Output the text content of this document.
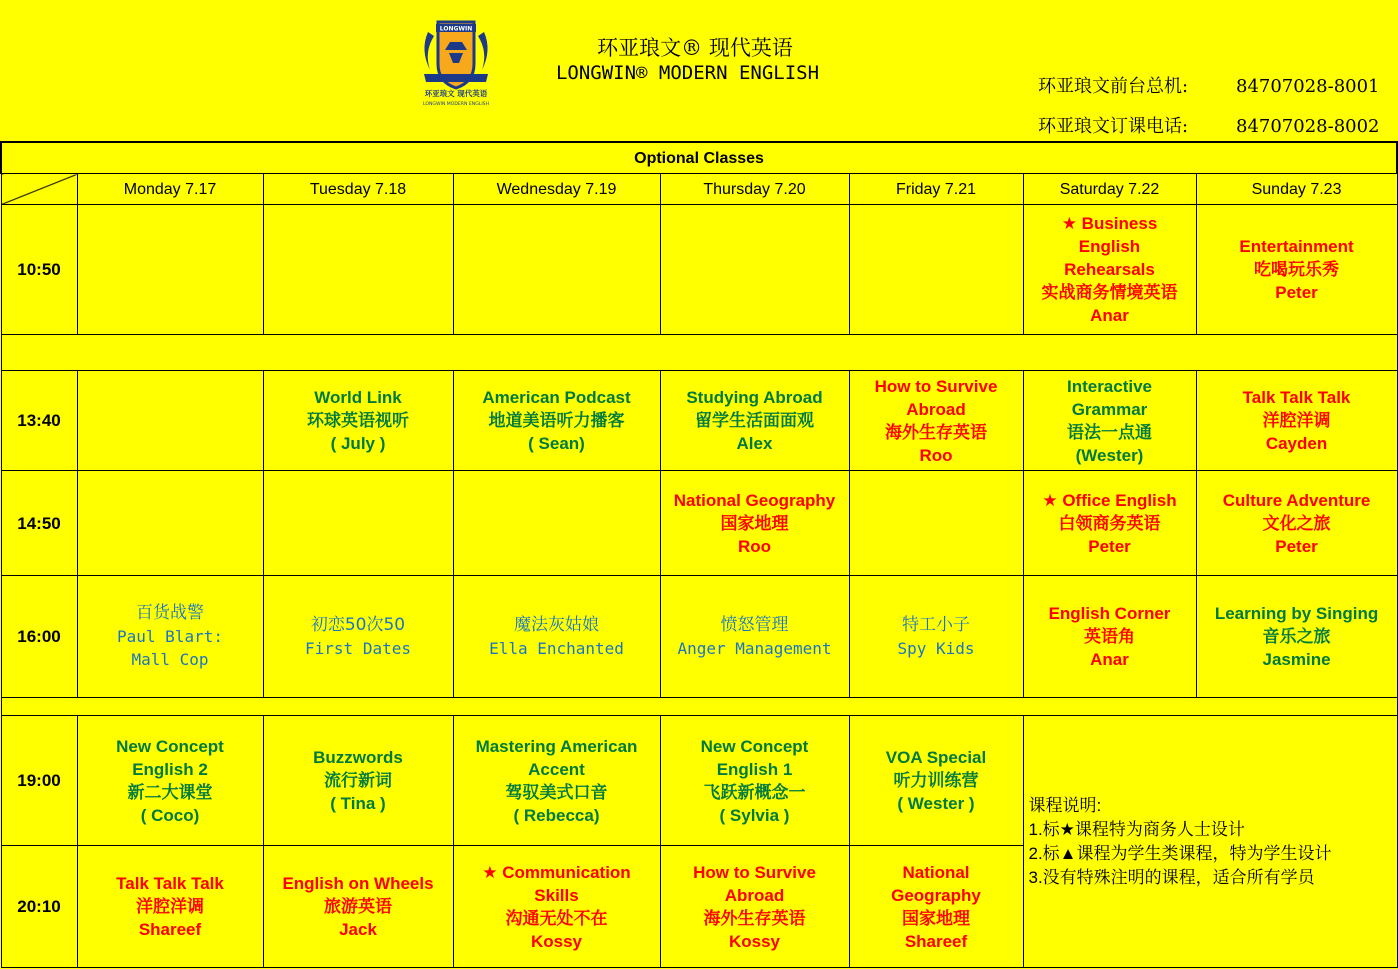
LONGWIN
环亚琅文 现代英语
LONGWIN MODERN ENGLISH
环亚琅文® 现代英语
LONGWIN® MODERN ENGLISH
环亚琅文前台总机:	84707028-8001
环亚琅文订课电话:	84707028-8002
Optional Classes							
	Monday 7.17	Tuesday 7.18	Wednesday 7.19	Thursday 7.20	Friday 7.21	Saturday 7.22	Sunday 7.23
10:50						★ Business
English
Rehearsals
实战商务情境英语
Anar	Entertainment
吃喝玩乐秀
Peter

13:40		World Link
环球英语视听
( July )	American Podcast
地道美语听力播客
( Sean)	Studying Abroad
留学生活面面观
Alex	How to Survive
Abroad
海外生存英语
Roo	Interactive
Grammar
语法一点通
(Wester)	Talk Talk Talk
洋腔洋调
Cayden

14:50				National Geography
国家地理
Roo		★ Office English
白领商务英语
Peter	Culture Adventure
文化之旅
Peter

16:00	百货战警
Paul Blart:
Mall Cop	初恋50次50
First Dates	魔法灰姑娘
Ella Enchanted	愤怒管理
Anger Management	特工小子
Spy Kids	English Corner
英语角
Anar	Learning by Singing
音乐之旅
Jasmine

19:00	New Concept
English 2
新二大课堂
( Coco)	Buzzwords
流行新词
( Tina )	Mastering American
Accent
驾驭美式口音
( Rebecca)	New Concept
English 1
飞跃新概念一
( Sylvia )	VOA Special
听力训练营
( Wester )	课程说明:
1.标★课程特为商务人士设计
2.标▲课程为学生类课程，特为学生设计
3.没有特殊注明的课程，适合所有学员	

20:10	Talk Talk Talk
洋腔洋调
Shareef	English on Wheels
旅游英语
Jack	★ Communication
Skills
沟通无处不在
Kossy	How to Survive
Abroad
海外生存英语
Kossy	National
Geography
国家地理
Shareef		
